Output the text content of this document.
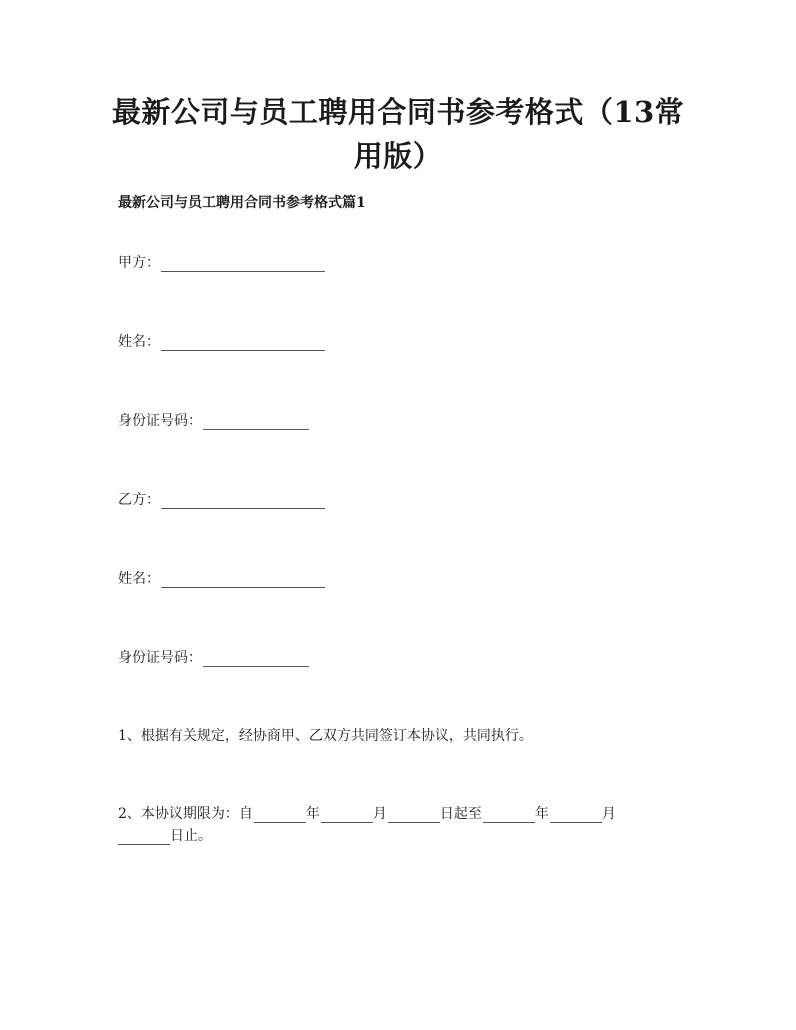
最新公司与员工聘用合同书参考格式（13常
用版）
最新公司与员工聘用合同书参考格式篇1
甲方：
姓名：
身份证号码：
乙方：
姓名：
身份证号码：
1、根据有关规定，经协商甲、乙双方共同签订本协议，共同执行。
2、本协议期限为：自	年	月	日起至	年	月
日止。
